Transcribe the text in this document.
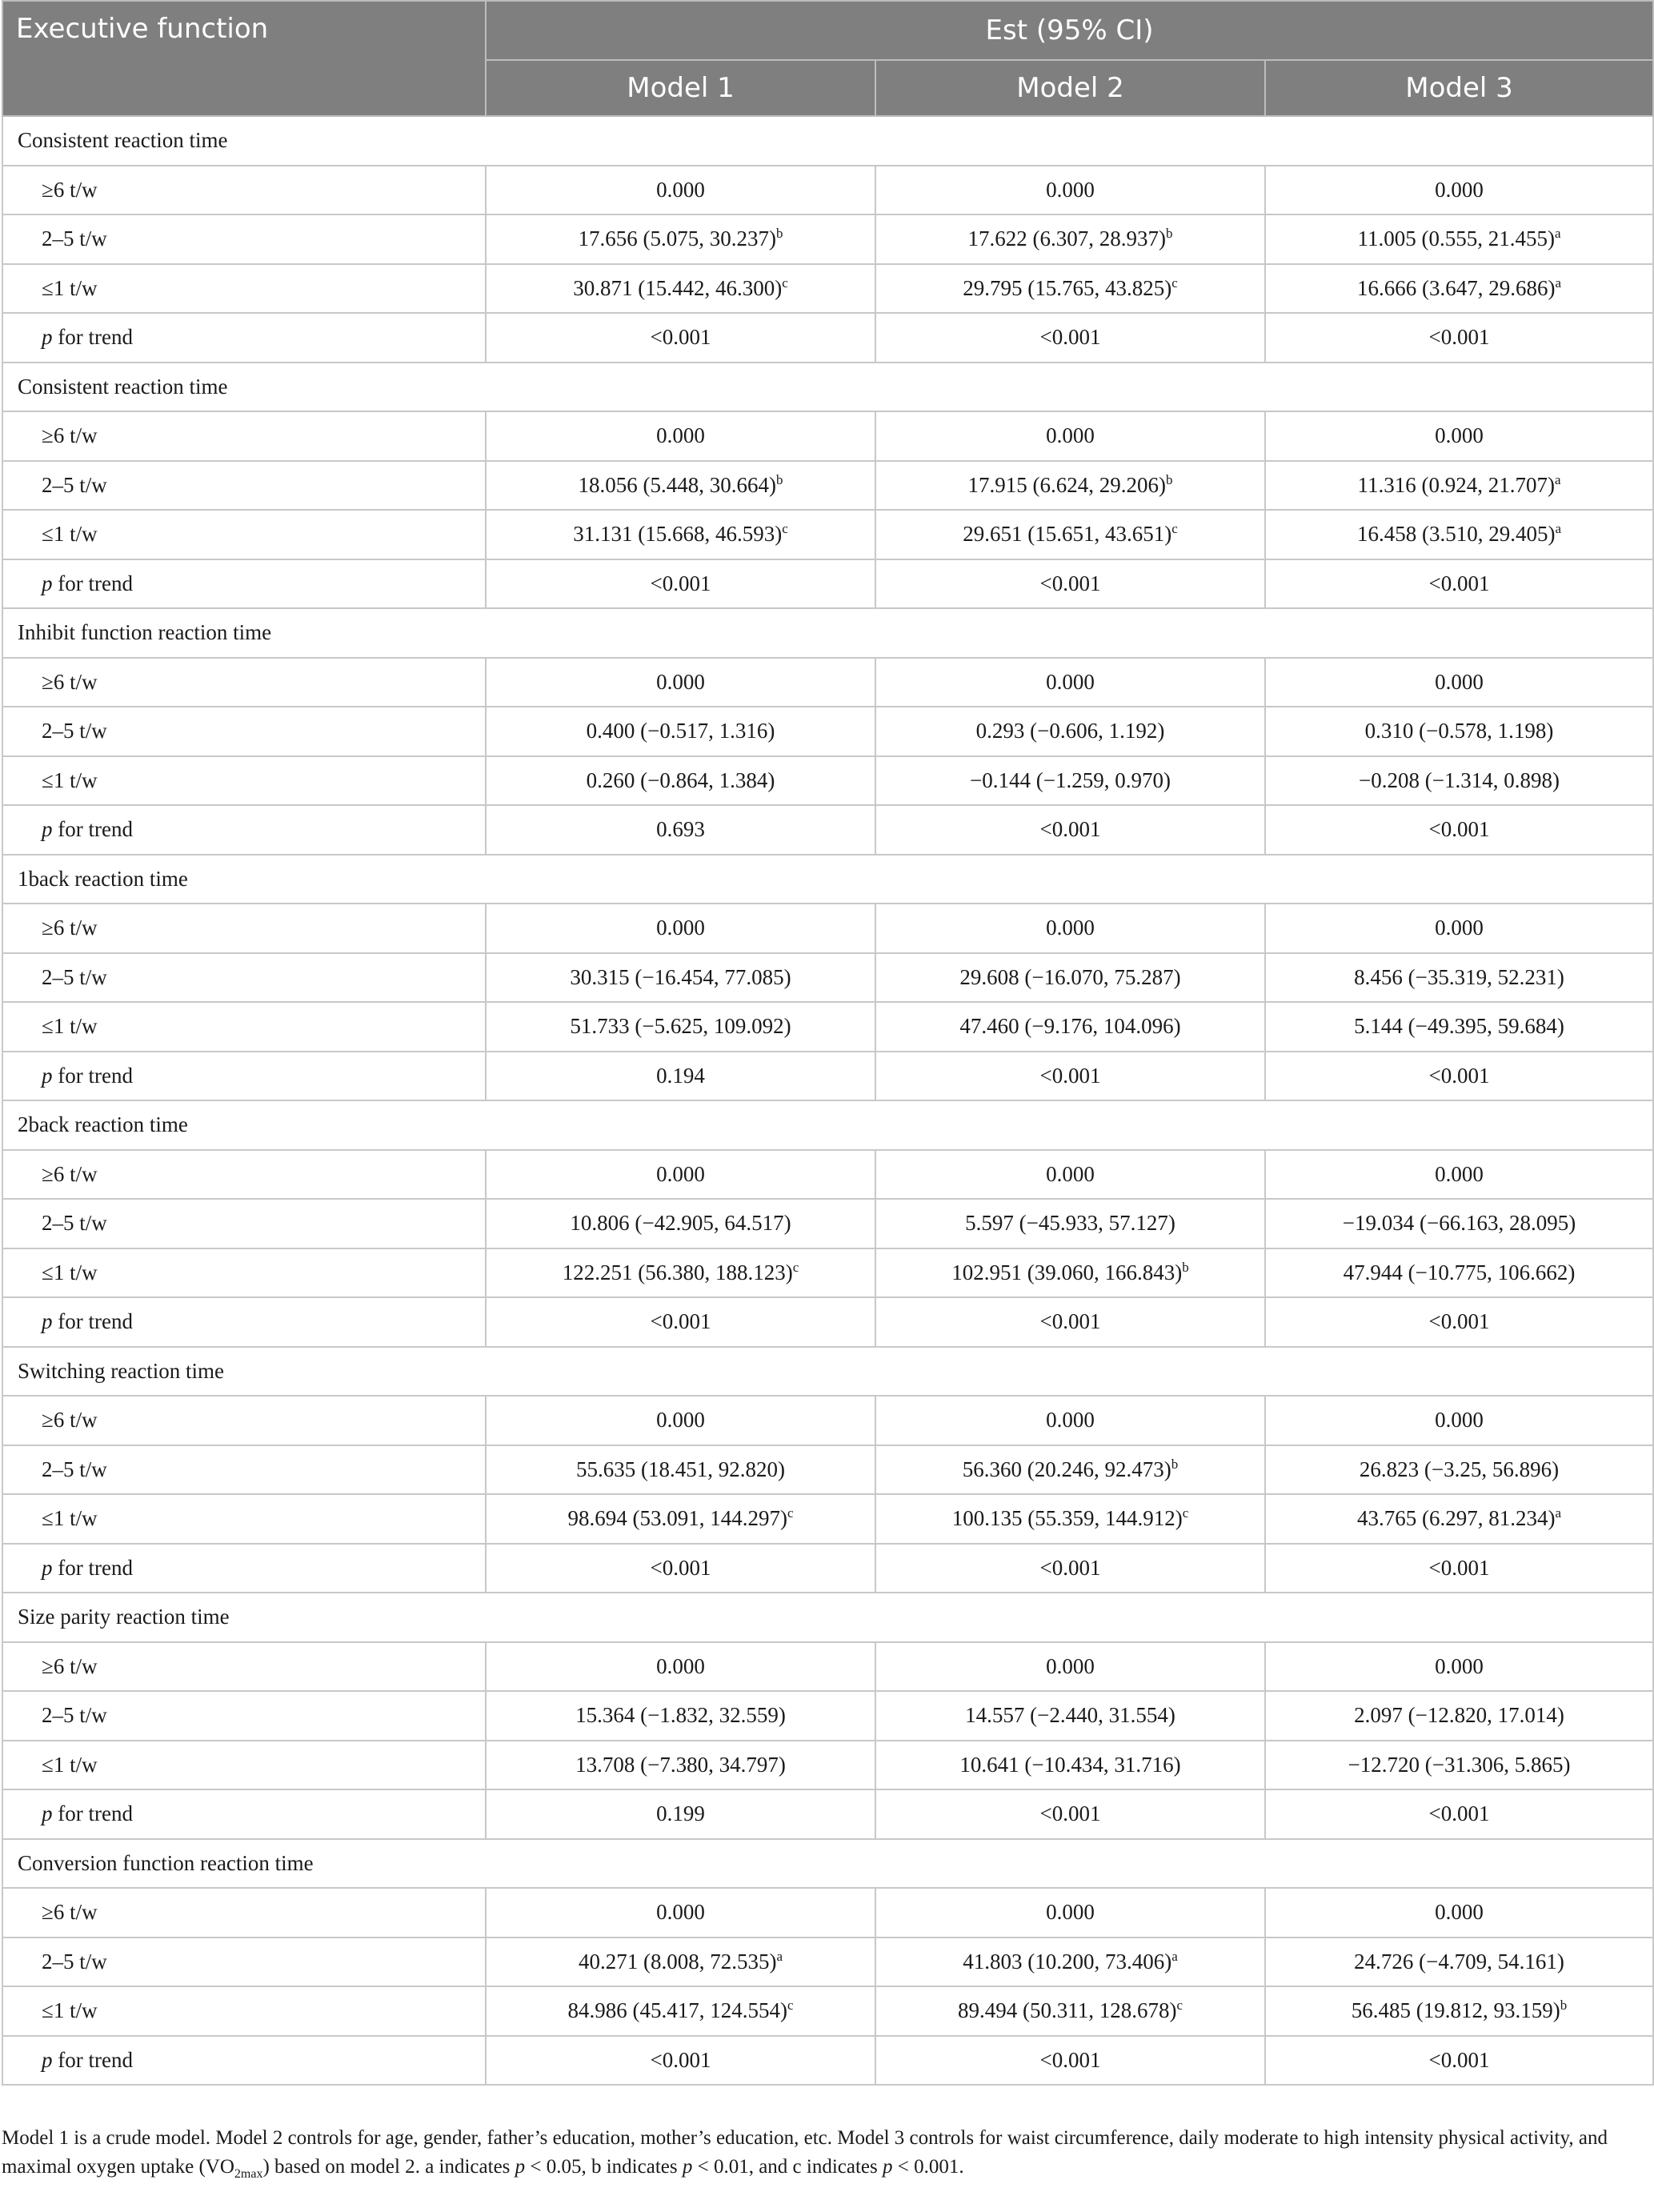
Executive function	Est (95% CI)		
	Model 1	Model 2	Model 3
Consistent reaction time			
≥6 t/w	0.000	0.000	0.000
2–5 t/w	17.656 (5.075, 30.237)$^b$	17.622 (6.307, 28.937)$^b$	11.005 (0.555, 21.455)$^a$
≤1 t/w	30.871 (15.442, 46.300)$^c$	29.795 (15.765, 43.825)$^c$	16.666 (3.647, 29.686)$^a$
p for trend	<0.001	<0.001	<0.001
Consistent reaction time			
≥6 t/w	0.000	0.000	0.000
2–5 t/w	18.056 (5.448, 30.664)$^b$	17.915 (6.624, 29.206)$^b$	11.316 (0.924, 21.707)$^a$
≤1 t/w	31.131 (15.668, 46.593)$^c$	29.651 (15.651, 43.651)$^c$	16.458 (3.510, 29.405)$^a$
p for trend	<0.001	<0.001	<0.001
Inhibit function reaction time			
≥6 t/w	0.000	0.000	0.000
2–5 t/w	0.400 (−0.517, 1.316)	0.293 (−0.606, 1.192)	0.310 (−0.578, 1.198)
≤1 t/w	0.260 (−0.864, 1.384)	−0.144 (−1.259, 0.970)	−0.208 (−1.314, 0.898)
p for trend	0.693	<0.001	<0.001
1back reaction time			
≥6 t/w	0.000	0.000	0.000
2–5 t/w	30.315 (−16.454, 77.085)	29.608 (−16.070, 75.287)	8.456 (−35.319, 52.231)
≤1 t/w	51.733 (−5.625, 109.092)	47.460 (−9.176, 104.096)	5.144 (−49.395, 59.684)
p for trend	0.194	<0.001	<0.001
2back reaction time			
≥6 t/w	0.000	0.000	0.000
2–5 t/w	10.806 (−42.905, 64.517)	5.597 (−45.933, 57.127)	−19.034 (−66.163, 28.095)
≤1 t/w	122.251 (56.380, 188.123)$^c$	102.951 (39.060, 166.843)$^b$	47.944 (−10.775, 106.662)
p for trend	<0.001	<0.001	<0.001
Switching reaction time			
≥6 t/w	0.000	0.000	0.000
2–5 t/w	55.635 (18.451, 92.820)	56.360 (20.246, 92.473)$^b$	26.823 (−3.25, 56.896)
≤1 t/w	98.694 (53.091, 144.297)$^c$	100.135 (55.359, 144.912)$^c$	43.765 (6.297, 81.234)$^a$
p for trend	<0.001	<0.001	<0.001
Size parity reaction time			
≥6 t/w	0.000	0.000	0.000
2–5 t/w	15.364 (−1.832, 32.559)	14.557 (−2.440, 31.554)	2.097 (−12.820, 17.014)
≤1 t/w	13.708 (−7.380, 34.797)	10.641 (−10.434, 31.716)	−12.720 (−31.306, 5.865)
p for trend	0.199	<0.001	<0.001
Conversion function reaction time			
≥6 t/w	0.000	0.000	0.000
2–5 t/w	40.271 (8.008, 72.535)$^a$	41.803 (10.200, 73.406)$^a$	24.726 (−4.709, 54.161)
≤1 t/w	84.986 (45.417, 124.554)$^c$	89.494 (50.311, 128.678)$^c$	56.485 (19.812, 93.159)$^b$
p for trend	<0.001	<0.001	<0.001
Model 1 is a crude model. Model 2 controls for age, gender, father’s education, mother’s education, etc. Model 3 controls for waist circumference, daily moderate to high intensity physical activity, and maximal oxygen uptake $(VO_{2max})$ based on model 2. a indicates p < 0.05, b indicates p < 0.01, and c indicates p < 0.001.
